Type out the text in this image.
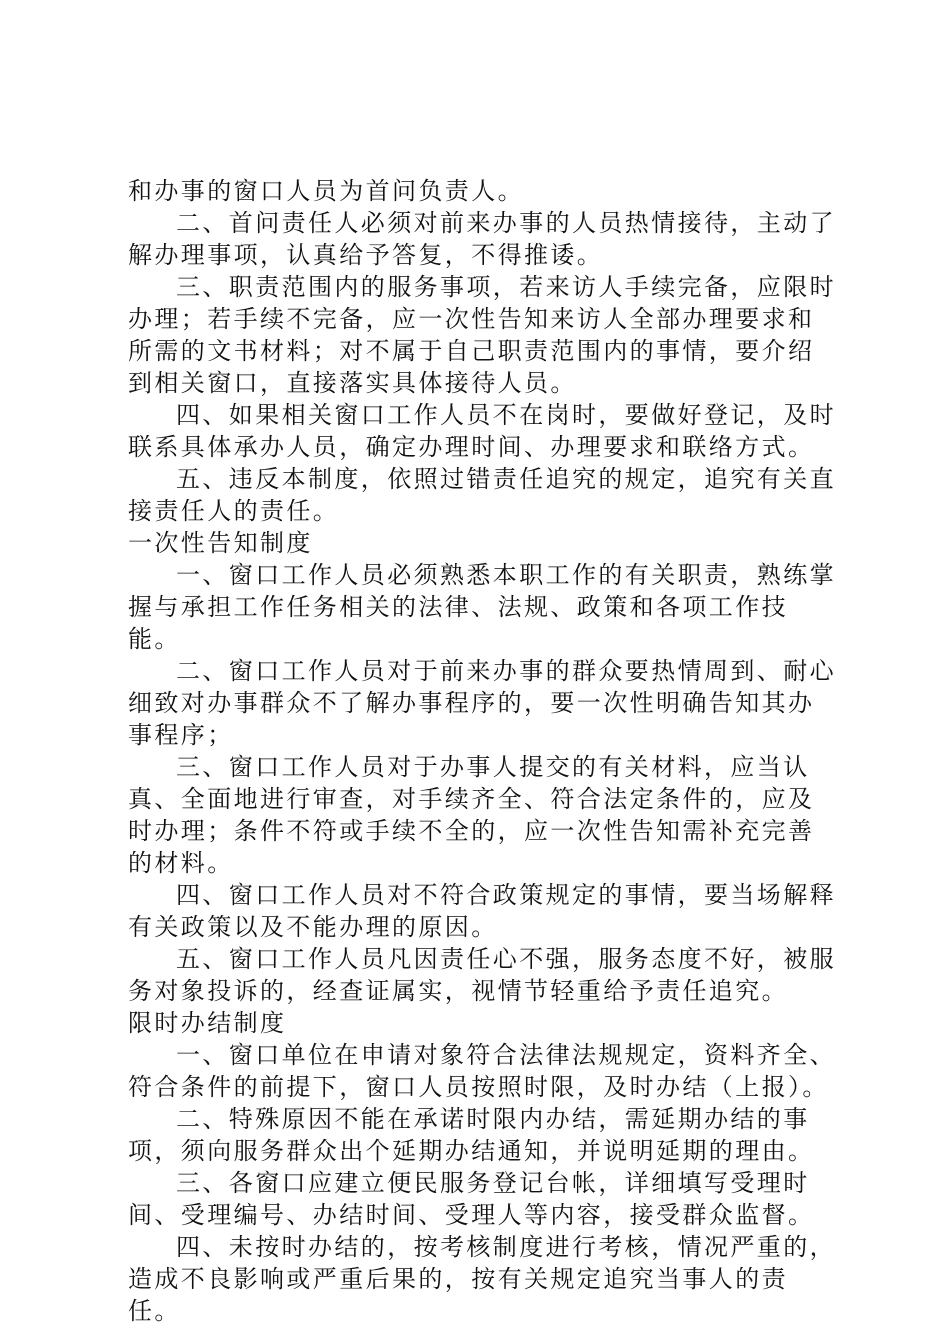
和办事的窗口人员为首问负责人。

二、首问责任人必须对前来办事的人员热情接待，主动了解办理事项，认真给予答复，不得推诿。

三、职责范围内的服务事项，若来访人手续完备，应限时办理；若手续不完备，应一次性告知来访人全部办理要求和所需的文书材料；对不属于自己职责范围内的事情，要介绍到相关窗口，直接落实具体接待人员。

四、如果相关窗口工作人员不在岗时，要做好登记，及时联系具体承办人员，确定办理时间、办理要求和联络方式。

五、违反本制度，依照过错责任追究的规定，追究有关直接责任人的责任。

一次性告知制度

一、窗口工作人员必须熟悉本职工作的有关职责，熟练掌握与承担工作任务相关的法律、法规、政策和各项工作技能。

二、窗口工作人员对于前来办事的群众要热情周到、耐心细致对办事群众不了解办事程序的，要一次性明确告知其办事程序；

三、窗口工作人员对于办事人提交的有关材料，应当认真、全面地进行审查，对手续齐全、符合法定条件的，应及时办理；条件不符或手续不全的，应一次性告知需补充完善的材料。

四、窗口工作人员对不符合政策规定的事情，要当场解释有关政策以及不能办理的原因。

五、窗口工作人员凡因责任心不强，服务态度不好，被服务对象投诉的，经查证属实，视情节轻重给予责任追究。

限时办结制度

一、窗口单位在申请对象符合法律法规规定，资料齐全、符合条件的前提下，窗口人员按照时限，及时办结（上报）。

二、特殊原因不能在承诺时限内办结，需延期办结的事项，须向服务群众出个延期办结通知，并说明延期的理由。

三、各窗口应建立便民服务登记台帐，详细填写受理时间、受理编号、办结时间、受理人等内容，接受群众监督。

四、未按时办结的，按考核制度进行考核，情况严重的，造成不良影响或严重后果的，按有关规定追究当事人的责任。
